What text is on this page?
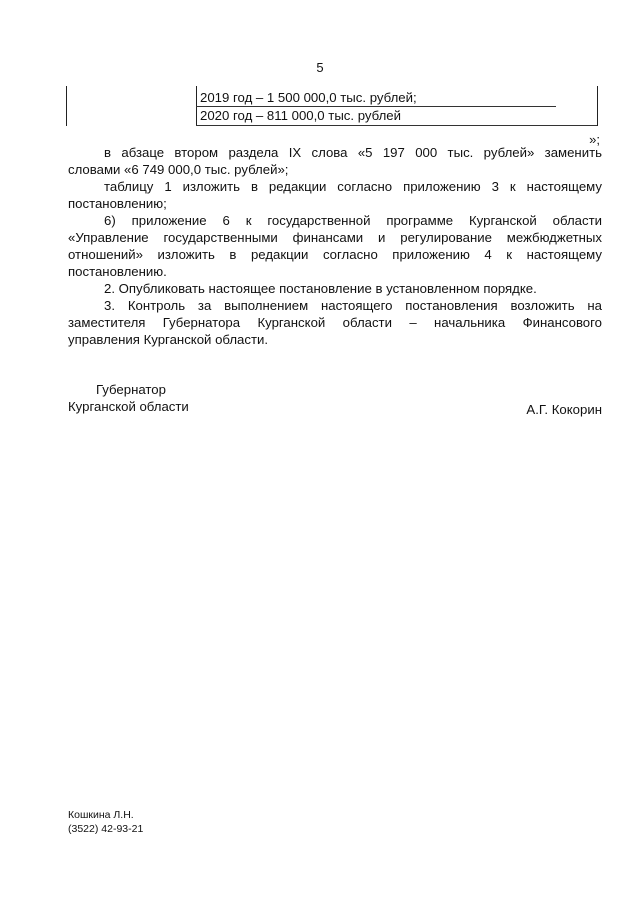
5
2019 год – 1 500 000,0 тыс. рублей;
2020 год – 811 000,0 тыс. рублей
»;
в абзаце втором раздела IX слова «5 197 000 тыс. рублей» заменить
словами «6 749 000,0 тыс. рублей»;
таблицу 1 изложить в редакции согласно приложению 3 к настоящему
постановлению;
6) приложение 6 к государственной программе Курганской области
«Управление государственными финансами и регулирование межбюджетных
отношений» изложить в редакции согласно приложению 4 к настоящему
постановлению.
2. Опубликовать настоящее постановление в установленном порядке.
3. Контроль за выполнением настоящего постановления возложить на
заместителя Губернатора Курганской области – начальника Финансового
управления Курганской области.
Губернатор
Курганской области	А.Г. Кокорин
Кошкина Л.Н.
(3522) 42-93-21
